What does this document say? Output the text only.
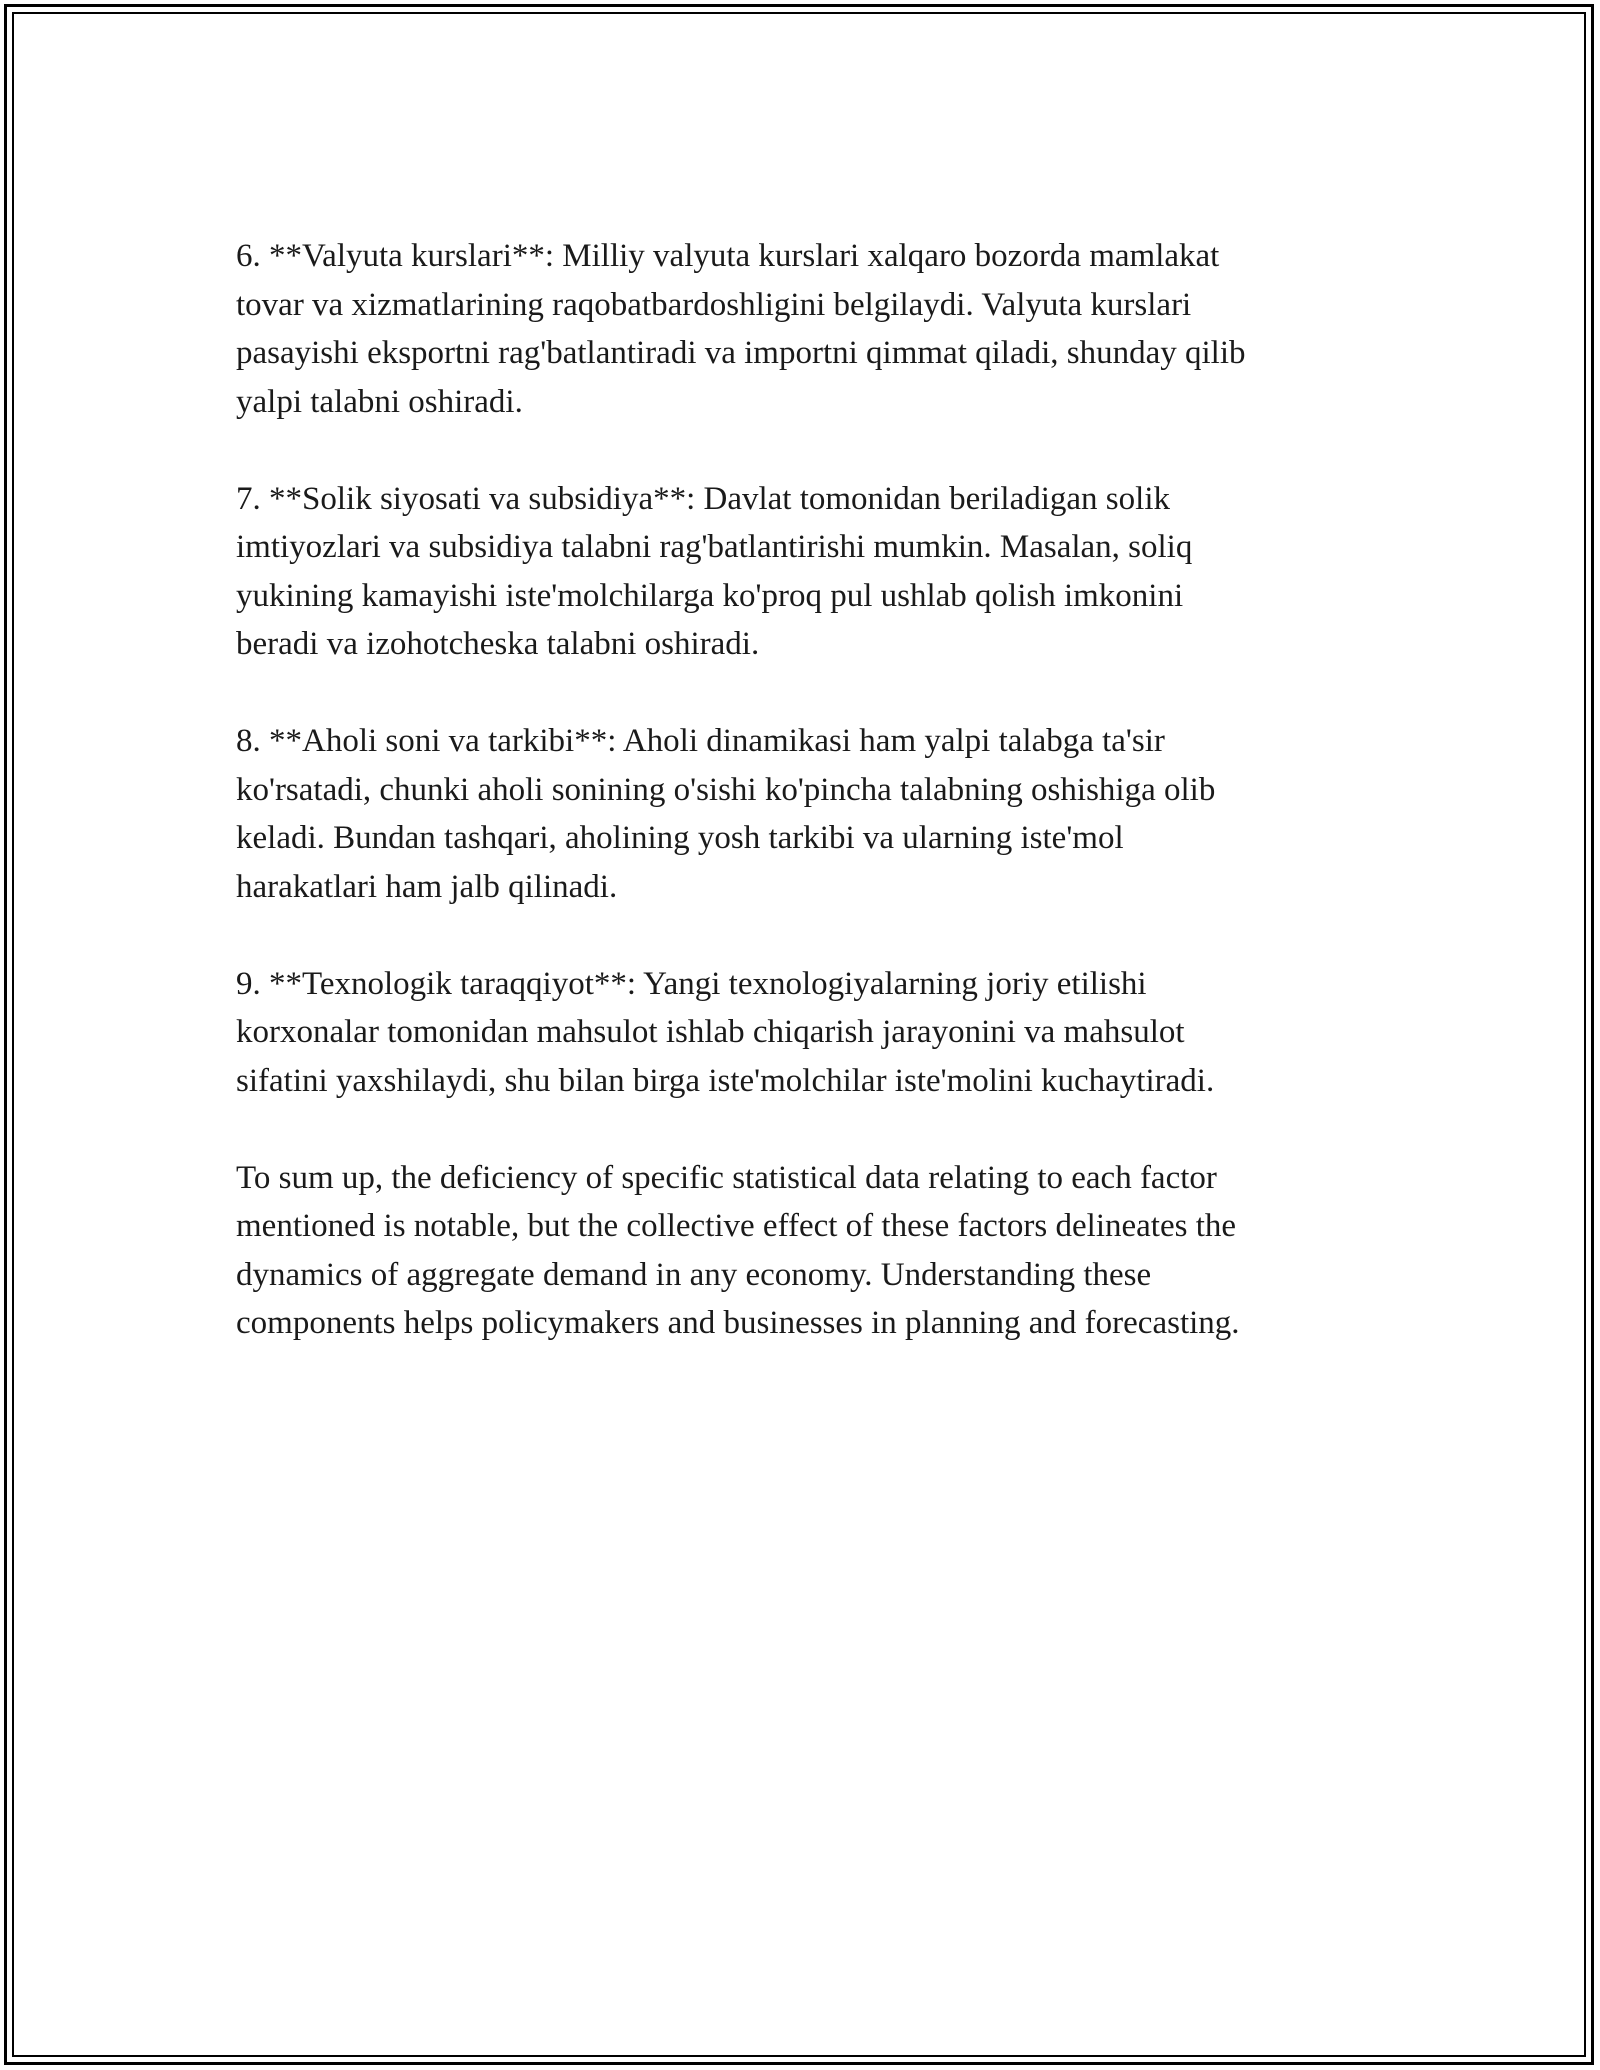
6. **Valyuta kurslari**: Milliy valyuta kurslari xalqaro bozorda mamlakat
tovar va xizmatlarining raqobatbardoshligini belgilaydi. Valyuta kurslari
pasayishi eksportni rag'batlantiradi va importni qimmat qiladi, shunday qilib
yalpi talabni oshiradi.

7. **Solik siyosati va subsidiya**: Davlat tomonidan beriladigan solik
imtiyozlari va subsidiya talabni rag'batlantirishi mumkin. Masalan, soliq
yukining kamayishi iste'molchilarga ko'proq pul ushlab qolish imkonini
beradi va izohotcheska talabni oshiradi.

8. **Aholi soni va tarkibi**: Aholi dinamikasi ham yalpi talabga ta'sir
ko'rsatadi, chunki aholi sonining o'sishi ko'pincha talabning oshishiga olib
keladi. Bundan tashqari, aholining yosh tarkibi va ularning iste'mol
harakatlari ham jalb qilinadi.

9. **Texnologik taraqqiyot**: Yangi texnologiyalarning joriy etilishi
korxonalar tomonidan mahsulot ishlab chiqarish jarayonini va mahsulot
sifatini yaxshilaydi, shu bilan birga iste'molchilar iste'molini kuchaytiradi.

To sum up, the deficiency of specific statistical data relating to each factor
mentioned is notable, but the collective effect of these factors delineates the
dynamics of aggregate demand in any economy. Understanding these
components helps policymakers and businesses in planning and forecasting.
